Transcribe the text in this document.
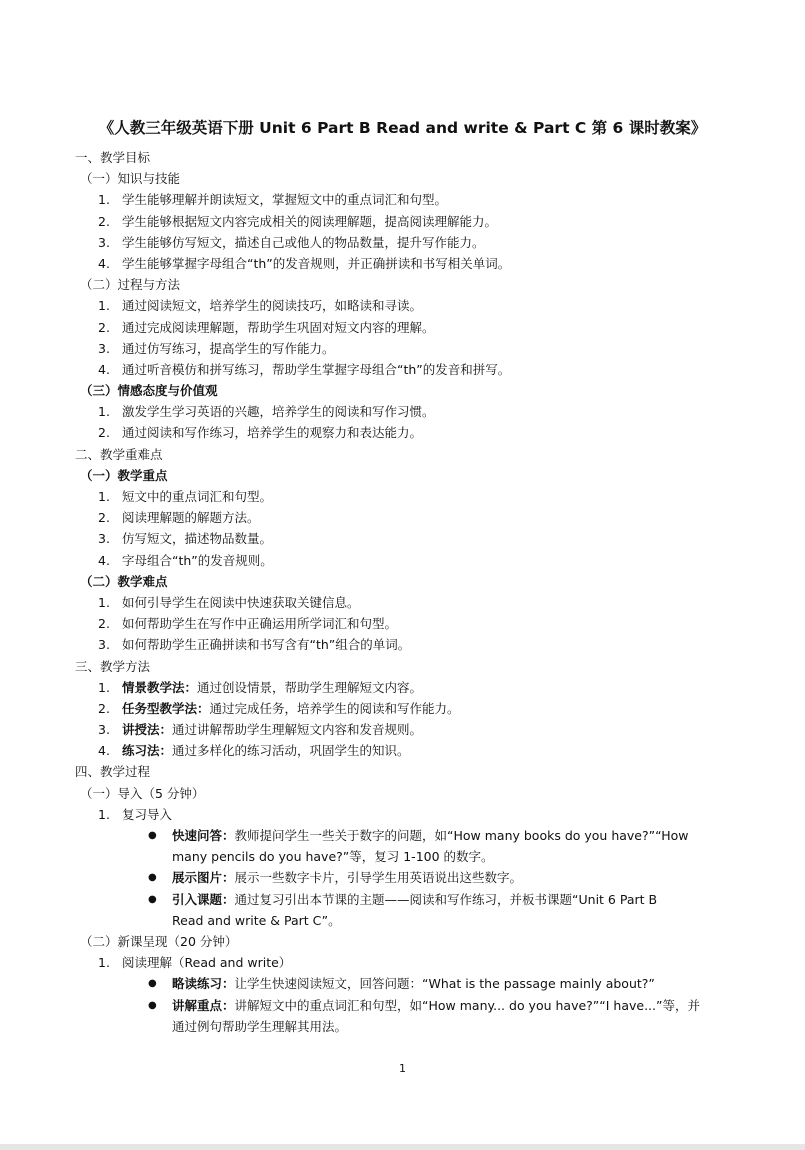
《人教三年级英语下册 Unit 6 Part B Read and write & Part C 第 6 课时教案》
一、教学目标
（一）知识与技能
1. 学生能够理解并朗读短文，掌握短文中的重点词汇和句型。
2. 学生能够根据短文内容完成相关的阅读理解题，提高阅读理解能力。
3. 学生能够仿写短文，描述自己或他人的物品数量，提升写作能力。
4. 学生能够掌握字母组合“th”的发音规则，并正确拼读和书写相关单词。
（二）过程与方法
1. 通过阅读短文，培养学生的阅读技巧，如略读和寻读。
2. 通过完成阅读理解题，帮助学生巩固对短文内容的理解。
3. 通过仿写练习，提高学生的写作能力。
4. 通过听音模仿和拼写练习，帮助学生掌握字母组合“th”的发音和拼写。
（三）情感态度与价值观
1. 激发学生学习英语的兴趣，培养学生的阅读和写作习惯。
2. 通过阅读和写作练习，培养学生的观察力和表达能力。
二、教学重难点
（一）教学重点
1. 短文中的重点词汇和句型。
2. 阅读理解题的解题方法。
3. 仿写短文，描述物品数量。
4. 字母组合“th”的发音规则。
（二）教学难点
1. 如何引导学生在阅读中快速获取关键信息。
2. 如何帮助学生在写作中正确运用所学词汇和句型。
3. 如何帮助学生正确拼读和书写含有“th”组合的单词。
三、教学方法
1. 情景教学法：通过创设情景，帮助学生理解短文内容。
2. 任务型教学法：通过完成任务，培养学生的阅读和写作能力。
3. 讲授法：通过讲解帮助学生理解短文内容和发音规则。
4. 练习法：通过多样化的练习活动，巩固学生的知识。
四、教学过程
（一）导入（5 分钟）
1. 复习导入
● 快速问答：教师提问学生一些关于数字的问题，如“How many books do you have?”“How
many pencils do you have?”等，复习 1-100 的数字。
● 展示图片：展示一些数字卡片，引导学生用英语说出这些数字。
● 引入课题：通过复习引出本节课的主题——阅读和写作练习，并板书课题“Unit 6 Part B
Read and write & Part C”。
（二）新课呈现（20 分钟）
1. 阅读理解（Read and write）
● 略读练习：让学生快速阅读短文，回答问题：“What is the passage mainly about?”
● 讲解重点：讲解短文中的重点词汇和句型，如“How many... do you have?”“I have...”等，并
通过例句帮助学生理解其用法。
1
